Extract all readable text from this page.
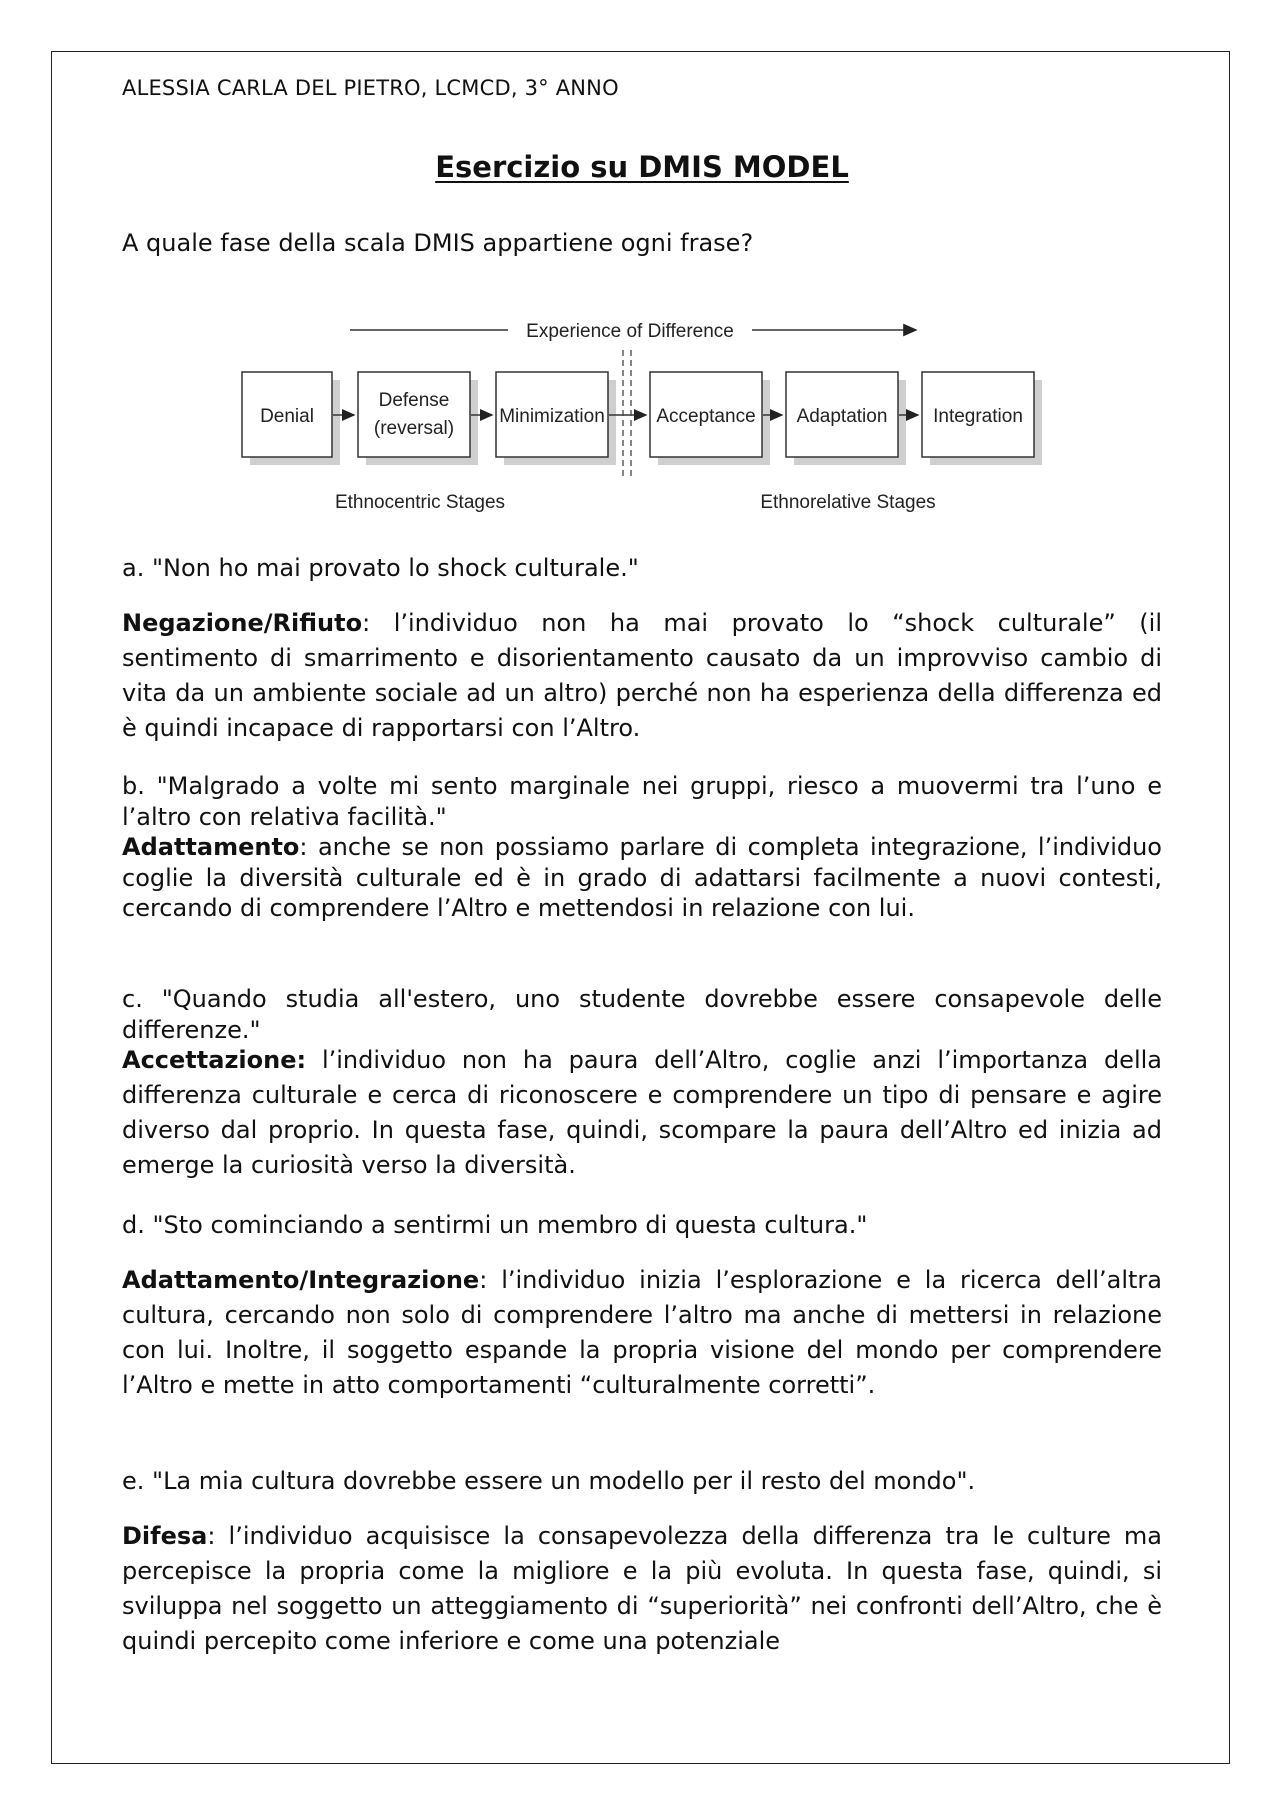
ALESSIA CARLA DEL PIETRO, LCMCD, 3° ANNO
Esercizio su DMIS MODEL
A quale fase della scala DMIS appartiene ogni frase?
Experience of Difference
Denial
Defense
(reversal)
Minimization	Acceptance Adaptation Integration
Ethnocentric Stages	Ethnorelative Stages

a. "Non ho mai provato lo shock culturale."

Negazione/Rifiuto: l’individuo non ha mai provato lo “shock culturale” (il sentimento di smarrimento e disorientamento causato da un improvviso cambio di vita da un ambiente sociale ad un altro) perché non ha esperienza della differenza ed è quindi incapace di rapportarsi con l’Altro.

b. "Malgrado a volte mi sento marginale nei gruppi, riesco a muovermi tra l’uno e l’altro con relativa facilità."

Adattamento: anche se non possiamo parlare di completa integrazione, l’individuo coglie la diversità culturale ed è in grado di adattarsi facilmente a nuovi contesti, cercando di comprendere l’Altro e mettendosi in relazione con lui.

c. "Quando studia all'estero, uno studente dovrebbe essere consapevole delle differenze."

Accettazione: l’individuo non ha paura dell’Altro, coglie anzi l’importanza della differenza culturale e cerca di riconoscere e comprendere un tipo di pensare e agire diverso dal proprio. In questa fase, quindi, scompare la paura dell’Altro ed inizia ad emerge la curiosità verso la diversità.

d. "Sto cominciando a sentirmi un membro di questa cultura."

Adattamento/Integrazione: l’individuo inizia l’esplorazione e la ricerca dell’altra cultura, cercando non solo di comprendere l’altro ma anche di mettersi in relazione con lui. Inoltre, il soggetto espande la propria visione del mondo per comprendere l’Altro e mette in atto comportamenti “culturalmente corretti”.

e. "La mia cultura dovrebbe essere un modello per il resto del mondo".

Difesa: l’individuo acquisisce la consapevolezza della differenza tra le culture ma percepisce la propria come la migliore e la più evoluta. In questa fase, quindi, si sviluppa nel soggetto un atteggiamento di “superiorità” nei confronti dell’Altro, che è quindi percepito come inferiore e come una potenziale
